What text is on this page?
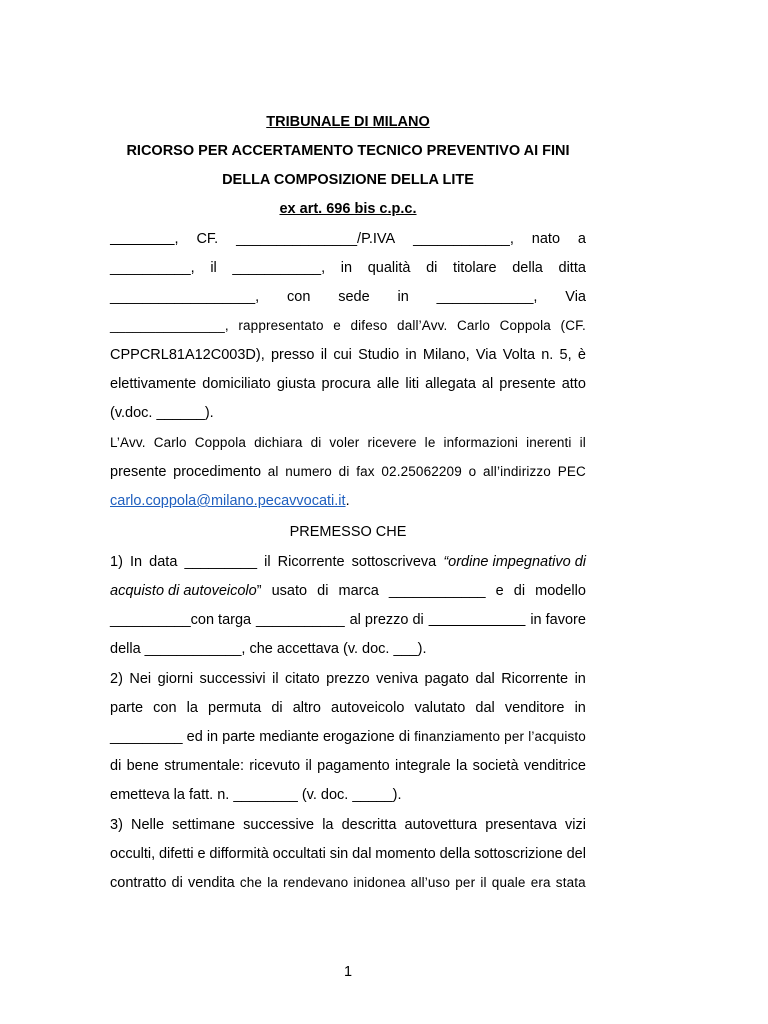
TRIBUNALE DI MILANO
RICORSO PER ACCERTAMENTO TECNICO PREVENTIVO AI FINI
DELLA COMPOSIZIONE DELLA LITE
ex art. 696 bis c.p.c.
________, CF. _______________/P.IVA ____________, nato a
__________, il ___________, in qualità di titolare della ditta
__________________, con sede in ____________, Via
_______________, rappresentato e difeso dall’Avv. Carlo Coppola (CF.
CPPCRL81A12C003D), presso il cui Studio in Milano, Via Volta n. 5, è
elettivamente domiciliato giusta procura alle liti allegata al presente atto
(v.doc. ______).
L’Avv. Carlo Coppola dichiara di voler ricevere le informazioni inerenti il
presente procedimento al numero di fax 02.25062209 o all’indirizzo PEC
carlo.coppola@milano.pecavvocati.it.
PREMESSO CHE
1) In data _________ il Ricorrente sottoscriveva “ordine impegnativo di
acquisto di autoveicolo” usato di marca ____________ e di modello
__________con targa ___________ al prezzo di ____________ in favore
della ____________, che accettava (v. doc. ___).
2) Nei giorni successivi il citato prezzo veniva pagato dal Ricorrente in
parte con la permuta di altro autoveicolo valutato dal venditore in
_________ ed in parte mediante erogazione di finanziamento per l’acquisto
di bene strumentale: ricevuto il pagamento integrale la società venditrice
emetteva la fatt. n. ________ (v. doc. _____).
3) Nelle settimane successive la descritta autovettura presentava vizi
occulti, difetti e difformità occultati sin dal momento della sottoscrizione del
contratto di vendita che la rendevano inidonea all’uso per il quale era stata
1
